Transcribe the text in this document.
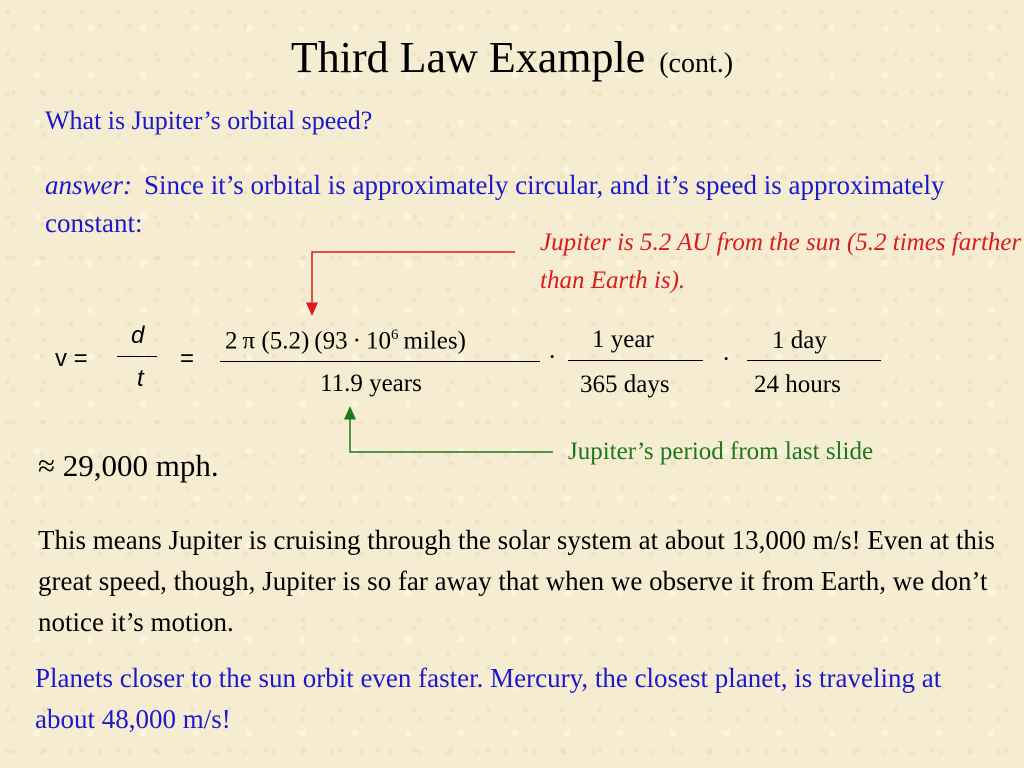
Third Law Example (cont.)
What is Jupiter’s orbital speed?
answer: Since it’s orbital is approximately circular, and it’s speed is approximately constant:
Jupiter is 5.2 AU from the sun (5.2 times farther than Earth is).
v =
d
t
=
2 π (5.2) ($93 \cdot 10^6$ miles)
11.9 years
·
1 year
365 days
·
1 day
24 hours
Jupiter’s period from last slide
≈ 29,000 mph.
This means Jupiter is cruising through the solar system at about 13,000 m/s! Even at this great speed, though, Jupiter is so far away that when we observe it from Earth, we don’t notice it’s motion.
Planets closer to the sun orbit even faster. Mercury, the closest planet, is traveling at about 48,000 m/s!
